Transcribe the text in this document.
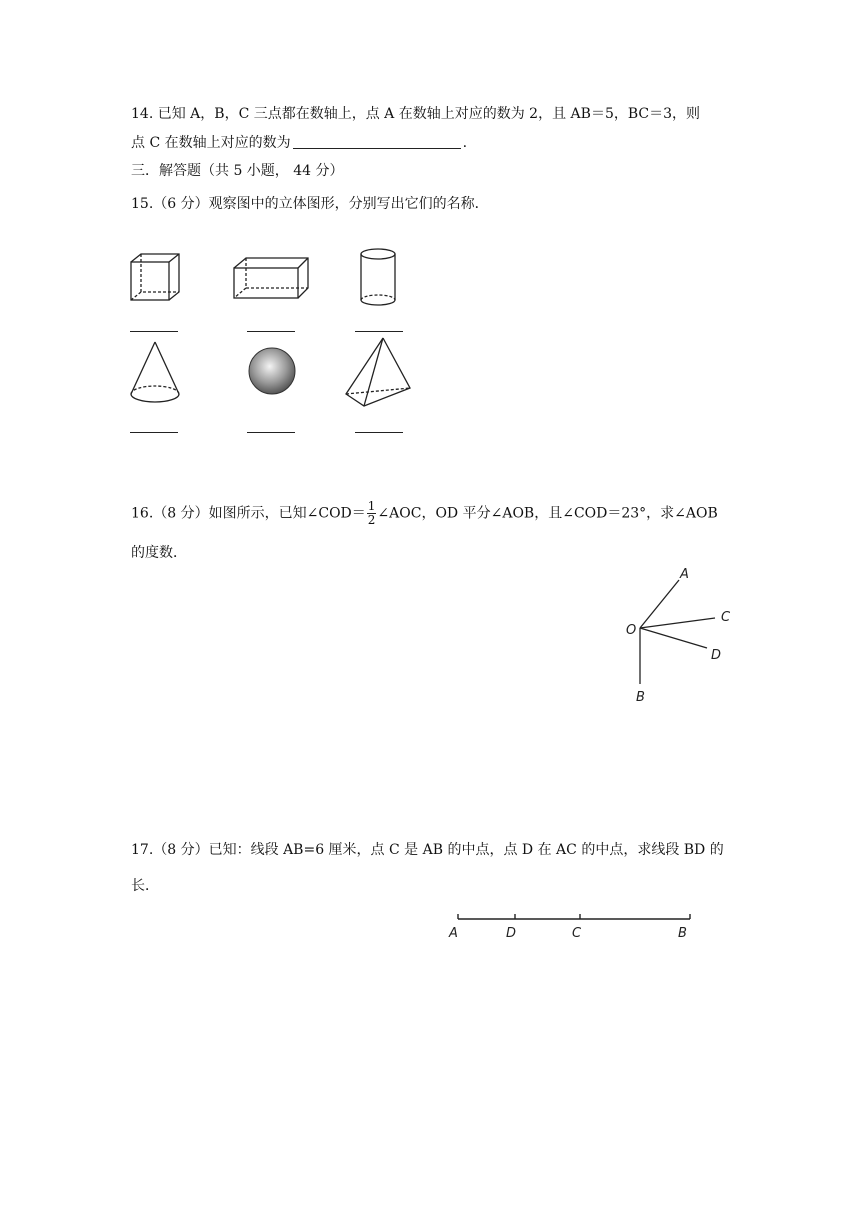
14. 已知 A，B，C 三点都在数轴上，点 A 在数轴上对应的数为 2，且 AB＝5，BC＝3，则
点 C 在数轴上对应的数为	.
三．解答题（共 5 小题， 44 分）
15.（6 分）观察图中的立体图形，分别写出它们的名称．
16.（8 分）如图所示，已知∠COD＝ $\frac{1}{2}$ ∠AOC，OD 平分∠AOB，且∠COD＝23°，求∠AOB
的度数．
A
C
O
D
B
17.（8 分）已知：线段 AB=6 厘米，点 C 是 AB 的中点，点 D 在 AC 的中点，求线段 BD 的
长．
A	D	C	B
